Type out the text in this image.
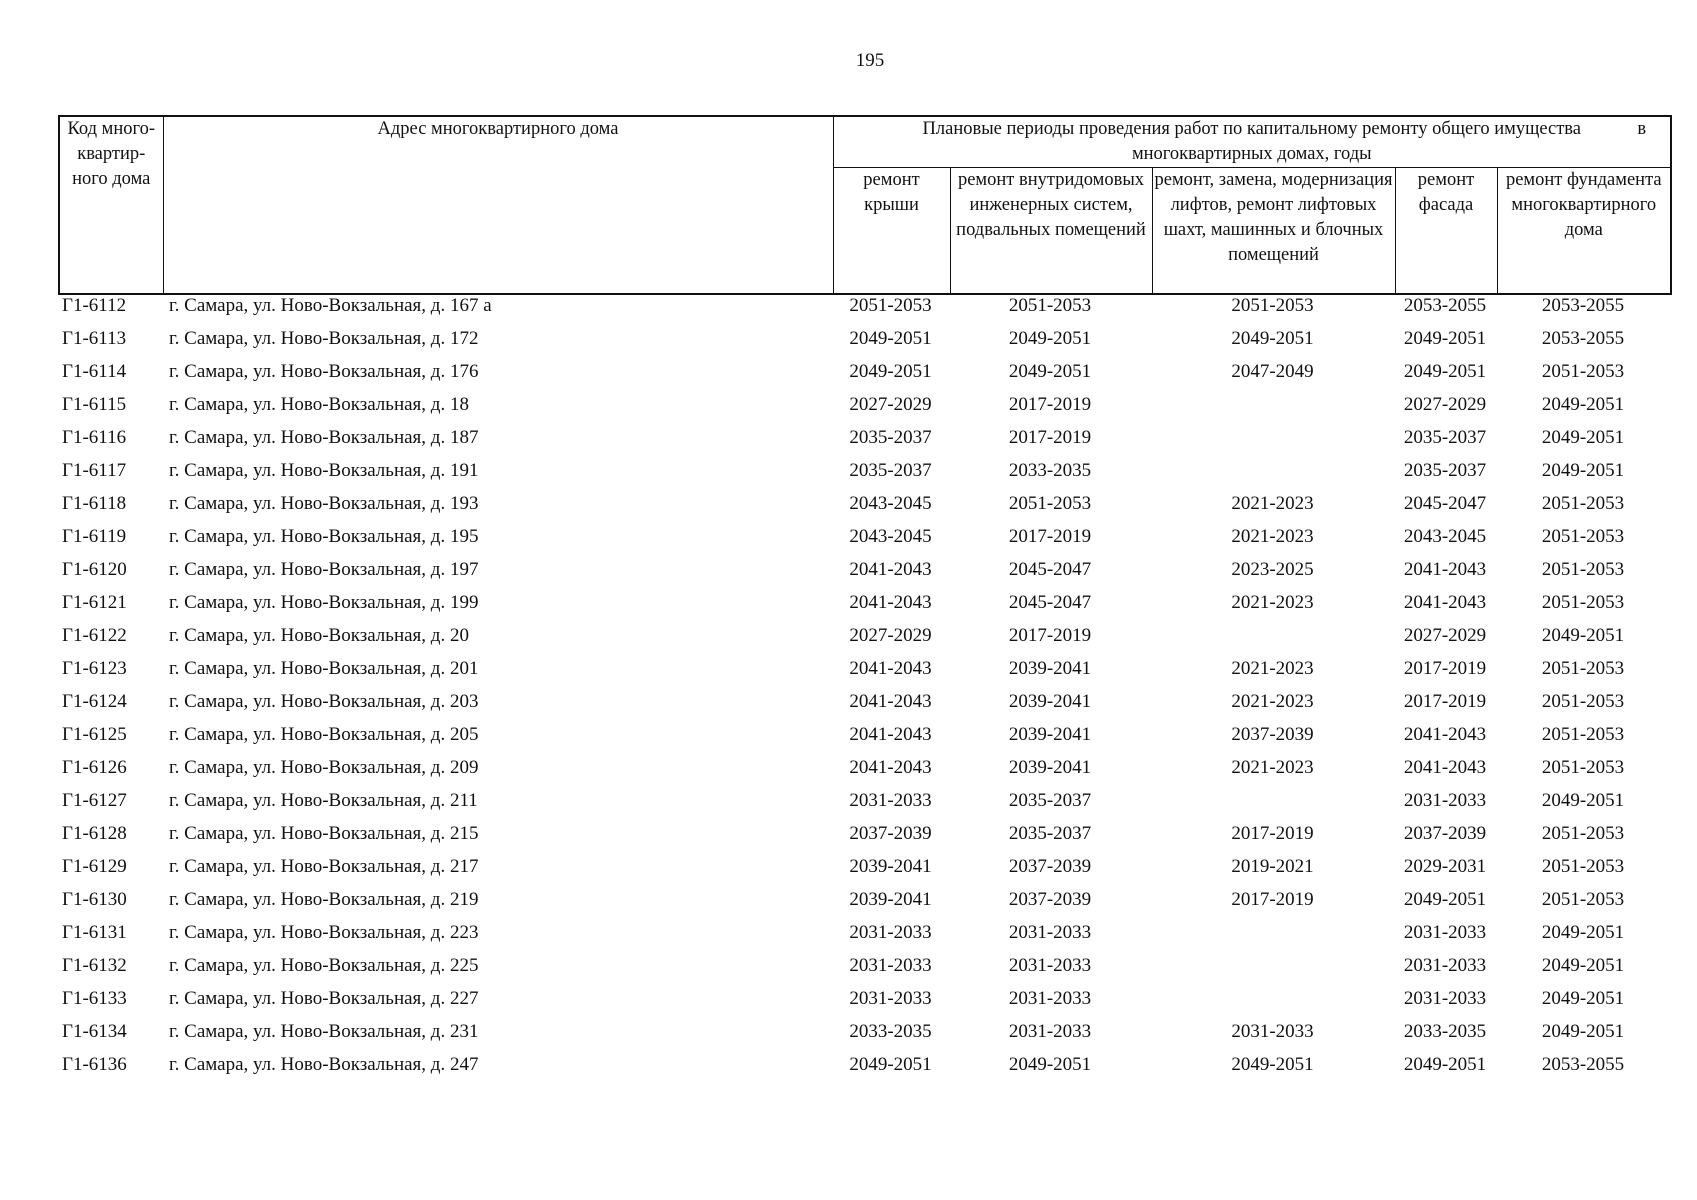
195
Код много-квартир-ного дома	Адрес многоквартирного дома	Плановые периоды проведения работ по капитальному ремонту общего имущества в
многоквартирных домах, годы				

		ремонт крыши	ремонт внутридомовых инженерных систем, подвальных помещений	ремонт, замена, модернизация лифтов, ремонт лифтовых шахт, машинных и блочных помещений	ремонт фасада	ремонт фундамента многоквартирного дома
Г1-6112	г. Самара, ул. Ново-Вокзальная, д. 167 а	2051-2053	2051-2053	2051-2053	2053-2055	2053-2055
Г1-6113	г. Самара, ул. Ново-Вокзальная, д. 172	2049-2051	2049-2051	2049-2051	2049-2051	2053-2055
Г1-6114	г. Самара, ул. Ново-Вокзальная, д. 176	2049-2051	2049-2051	2047-2049	2049-2051	2051-2053
Г1-6115	г. Самара, ул. Ново-Вокзальная, д. 18	2027-2029	2017-2019		2027-2029	2049-2051
Г1-6116	г. Самара, ул. Ново-Вокзальная, д. 187	2035-2037	2017-2019		2035-2037	2049-2051
Г1-6117	г. Самара, ул. Ново-Вокзальная, д. 191	2035-2037	2033-2035		2035-2037	2049-2051
Г1-6118	г. Самара, ул. Ново-Вокзальная, д. 193	2043-2045	2051-2053	2021-2023	2045-2047	2051-2053
Г1-6119	г. Самара, ул. Ново-Вокзальная, д. 195	2043-2045	2017-2019	2021-2023	2043-2045	2051-2053
Г1-6120	г. Самара, ул. Ново-Вокзальная, д. 197	2041-2043	2045-2047	2023-2025	2041-2043	2051-2053
Г1-6121	г. Самара, ул. Ново-Вокзальная, д. 199	2041-2043	2045-2047	2021-2023	2041-2043	2051-2053
Г1-6122	г. Самара, ул. Ново-Вокзальная, д. 20	2027-2029	2017-2019		2027-2029	2049-2051
Г1-6123	г. Самара, ул. Ново-Вокзальная, д. 201	2041-2043	2039-2041	2021-2023	2017-2019	2051-2053
Г1-6124	г. Самара, ул. Ново-Вокзальная, д. 203	2041-2043	2039-2041	2021-2023	2017-2019	2051-2053
Г1-6125	г. Самара, ул. Ново-Вокзальная, д. 205	2041-2043	2039-2041	2037-2039	2041-2043	2051-2053
Г1-6126	г. Самара, ул. Ново-Вокзальная, д. 209	2041-2043	2039-2041	2021-2023	2041-2043	2051-2053
Г1-6127	г. Самара, ул. Ново-Вокзальная, д. 211	2031-2033	2035-2037		2031-2033	2049-2051
Г1-6128	г. Самара, ул. Ново-Вокзальная, д. 215	2037-2039	2035-2037	2017-2019	2037-2039	2051-2053
Г1-6129	г. Самара, ул. Ново-Вокзальная, д. 217	2039-2041	2037-2039	2019-2021	2029-2031	2051-2053
Г1-6130	г. Самара, ул. Ново-Вокзальная, д. 219	2039-2041	2037-2039	2017-2019	2049-2051	2051-2053
Г1-6131	г. Самара, ул. Ново-Вокзальная, д. 223	2031-2033	2031-2033		2031-2033	2049-2051
Г1-6132	г. Самара, ул. Ново-Вокзальная, д. 225	2031-2033	2031-2033		2031-2033	2049-2051
Г1-6133	г. Самара, ул. Ново-Вокзальная, д. 227	2031-2033	2031-2033		2031-2033	2049-2051
Г1-6134	г. Самара, ул. Ново-Вокзальная, д. 231	2033-2035	2031-2033	2031-2033	2033-2035	2049-2051
Г1-6136	г. Самара, ул. Ново-Вокзальная, д. 247	2049-2051	2049-2051	2049-2051	2049-2051	2053-2055
